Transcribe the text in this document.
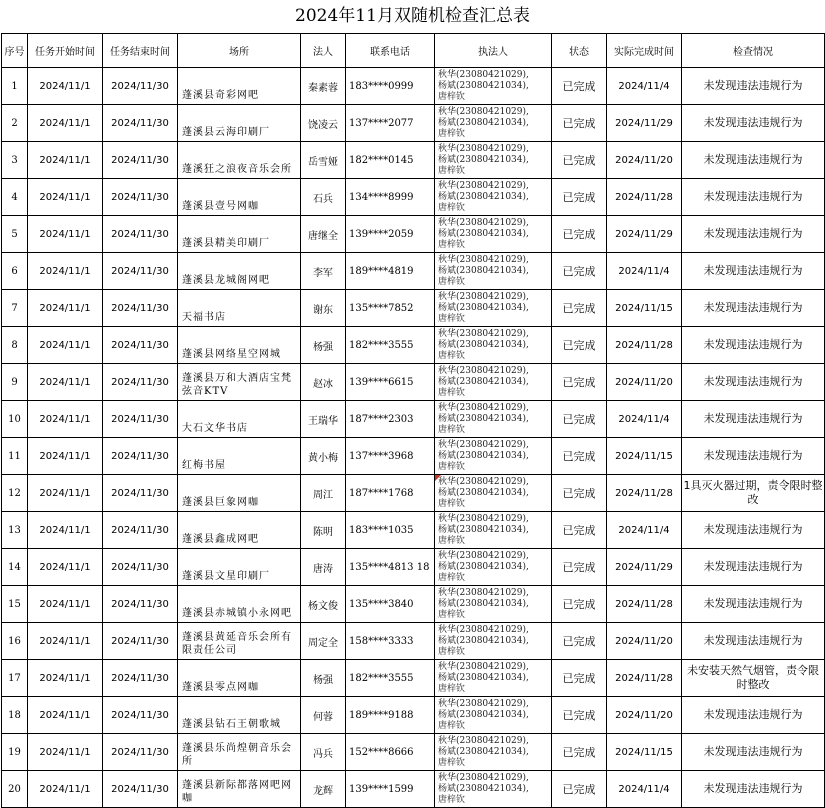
2024年11月双随机检查汇总表
序号	任务开始时间	任务结束时间	场所	法人	联系电话	执法人	状态	实际完成时间	检查情况
1	2024/11/1	2024/11/30	蓬溪县奇彩网吧	秦素蓉	183****0999	秋华(23080421029),
杨斌(23080421034),
唐梓钦	已完成	2024/11/4	未发现违法违规行为
2	2024/11/1	2024/11/30	蓬溪县云海印刷厂	饶凌云	137****2077	秋华(23080421029),
杨斌(23080421034),
唐梓钦	已完成	2024/11/29	未发现违法违规行为
3	2024/11/1	2024/11/30	蓬溪狂之浪夜音乐会所	岳雪娅	182****0145	秋华(23080421029),
杨斌(23080421034),
唐梓钦	已完成	2024/11/20	未发现违法违规行为
4	2024/11/1	2024/11/30	蓬溪县壹号网咖	石兵	134****8999	秋华(23080421029),
杨斌(23080421034),
唐梓钦	已完成	2024/11/28	未发现违法违规行为
5	2024/11/1	2024/11/30	蓬溪县精美印刷厂	唐继全	139****2059	秋华(23080421029),
杨斌(23080421034),
唐梓钦	已完成	2024/11/29	未发现违法违规行为
6	2024/11/1	2024/11/30	蓬溪县龙城阁网吧	李军	189****4819	秋华(23080421029),
杨斌(23080421034),
唐梓钦	已完成	2024/11/4	未发现违法违规行为
7	2024/11/1	2024/11/30	天福书店	谢东	135****7852	秋华(23080421029),
杨斌(23080421034),
唐梓钦	已完成	2024/11/15	未发现违法违规行为
8	2024/11/1	2024/11/30	蓬溪县网络星空网城	杨强	182****3555	秋华(23080421029),
杨斌(23080421034),
唐梓钦	已完成	2024/11/28	未发现违法违规行为
9	2024/11/1	2024/11/30	蓬溪县万和大酒店宝梵弦音KTV	赵冰	139****6615	秋华(23080421029),
杨斌(23080421034),
唐梓钦	已完成	2024/11/20	未发现违法违规行为
10	2024/11/1	2024/11/30	大石文华书店	王瑞华	187****2303	秋华(23080421029),
杨斌(23080421034),
唐梓钦	已完成	2024/11/4	未发现违法违规行为
11	2024/11/1	2024/11/30	红梅书屋	黄小梅	137****3968	秋华(23080421029),
杨斌(23080421034),
唐梓钦	已完成	2024/11/15	未发现违法违规行为
12	2024/11/1	2024/11/30	蓬溪县巨象网咖	周江	187****1768	秋华(23080421029),
杨斌(23080421034),
唐梓钦	已完成	2024/11/28	1具灭火器过期，责令限时整改
13	2024/11/1	2024/11/30	蓬溪县鑫成网吧	陈明	183****1035	秋华(23080421029),
杨斌(23080421034),
唐梓钦	已完成	2024/11/4	未发现违法违规行为
14	2024/11/1	2024/11/30	蓬溪县文星印刷厂	唐涛	135****4813 18	秋华(23080421029),
杨斌(23080421034),
唐梓钦	已完成	2024/11/29	未发现违法违规行为
15	2024/11/1	2024/11/30	蓬溪县赤城镇小永网吧	杨文俊	135****3840	秋华(23080421029),
杨斌(23080421034),
唐梓钦	已完成	2024/11/28	未发现违法违规行为
16	2024/11/1	2024/11/30	蓬溪县黄延音乐会所有限责任公司	周定全	158****3333	秋华(23080421029),
杨斌(23080421034),
唐梓钦	已完成	2024/11/20	未发现违法违规行为
17	2024/11/1	2024/11/30	蓬溪县零点网咖	杨强	182****3555	秋华(23080421029),
杨斌(23080421034),
唐梓钦	已完成	2024/11/28	未安装天然气烟管，责令限时整改
18	2024/11/1	2024/11/30	蓬溪县钻石王朝歌城	何蓉	189****9188	秋华(23080421029),
杨斌(23080421034),
唐梓钦	已完成	2024/11/20	未发现违法违规行为
19	2024/11/1	2024/11/30	蓬溪县乐尚煌朝音乐会所	冯兵	152****8666	秋华(23080421029),
杨斌(23080421034),
唐梓钦	已完成	2024/11/15	未发现违法违规行为
20	2024/11/1	2024/11/30	蓬溪县新际都落网吧网咖	龙辉	139****1599	秋华(23080421029),
杨斌(23080421034),
唐梓钦	已完成	2024/11/4	未发现违法违规行为
